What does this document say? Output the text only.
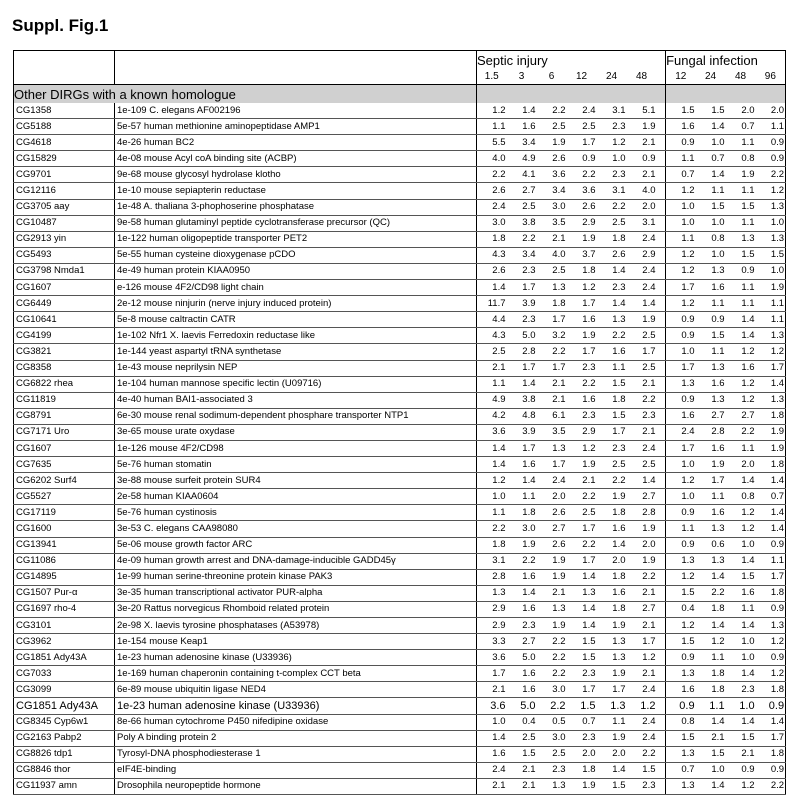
Suppl. Fig.1
		Septic injury							Fungal infection			
		1.5	3	6	12	24	48		12	24	48	96
Other DIRGs with a known homologue												
CG1358	1e-109 C. elegans AF002196	1.2	1.4	2.2	2.4	3.1	5.1		1.5	1.5	2.0	2.0
CG5188	5e-57 human methionine aminopeptidase AMP1	1.1	1.6	2.5	2.5	2.3	1.9		1.6	1.4	0.7	1.1
CG4618	4e-26 human BC2	5.5	3.4	1.9	1.7	1.2	2.1		0.9	1.0	1.1	0.9
CG15829	4e-08 mouse Acyl coA binding site (ACBP)	4.0	4.9	2.6	0.9	1.0	0.9		1.1	0.7	0.8	0.9
CG9701	9e-68 mouse glycosyl hydrolase klotho	2.2	4.1	3.6	2.2	2.3	2.1		0.7	1.4	1.9	2.2
CG12116	1e-10 mouse sepiapterin reductase	2.6	2.7	3.4	3.6	3.1	4.0		1.2	1.1	1.1	1.2
CG3705 aay	1e-48 A. thaliana 3-phophoserine phosphatase	2.4	2.5	3.0	2.6	2.2	2.0		1.0	1.5	1.5	1.3
CG10487	9e-58 human glutaminyl peptide cyclotransferase precursor (QC)	3.0	3.8	3.5	2.9	2.5	3.1		1.0	1.0	1.1	1.0
CG2913 yin	1e-122 human oligopeptide transporter PET2	1.8	2.2	2.1	1.9	1.8	2.4		1.1	0.8	1.3	1.3
CG5493	5e-55 human cysteine dioxygenase pCDO	4.3	3.4	4.0	3.7	2.6	2.9		1.2	1.0	1.5	1.5
CG3798 Nmda1	4e-49 human protein KIAA0950	2.6	2.3	2.5	1.8	1.4	2.4		1.2	1.3	0.9	1.0
CG1607	e-126 mouse 4F2/CD98 light chain	1.4	1.7	1.3	1.2	2.3	2.4		1.7	1.6	1.1	1.9
CG6449	2e-12 mouse ninjurin (nerve injury induced protein)	11.7	3.9	1.8	1.7	1.4	1.4		1.2	1.1	1.1	1.1
CG10641	5e-8 mouse caltractin CATR	4.4	2.3	1.7	1.6	1.3	1.9		0.9	0.9	1.4	1.1
CG4199	1e-102 Nfr1 X. laevis Ferredoxin reductase like	4.3	5.0	3.2	1.9	2.2	2.5		0.9	1.5	1.4	1.3
CG3821	1e-144 yeast aspartyl tRNA synthetase	2.5	2.8	2.2	1.7	1.6	1.7		1.0	1.1	1.2	1.2
CG8358	1e-43 mouse neprilysin NEP	2.1	1.7	1.7	2.3	1.1	2.5		1.7	1.3	1.6	1.7
CG6822 rhea	1e-104 human mannose specific lectin (U09716)	1.1	1.4	2.1	2.2	1.5	2.1		1.3	1.6	1.2	1.4
CG11819	4e-40 human BAI1-associated 3	4.9	3.8	2.1	1.6	1.8	2.2		0.9	1.3	1.2	1.3
CG8791	6e-30 mouse renal sodimum-dependent phosphare transporter NTP1	4.2	4.8	6.1	2.3	1.5	2.3		1.6	2.7	2.7	1.8
CG7171 Uro	3e-65 mouse urate oxydase	3.6	3.9	3.5	2.9	1.7	2.1		2.4	2.8	2.2	1.9
CG1607	1e-126 mouse 4F2/CD98	1.4	1.7	1.3	1.2	2.3	2.4		1.7	1.6	1.1	1.9
CG7635	5e-76 human stomatin	1.4	1.6	1.7	1.9	2.5	2.5		1.0	1.9	2.0	1.8
CG6202 Surf4	3e-88 mouse surfeit protein SUR4	1.2	1.4	2.4	2.1	2.2	1.4		1.2	1.7	1.4	1.4
CG5527	2e-58 human KIAA0604	1.0	1.1	2.0	2.2	1.9	2.7		1.0	1.1	0.8	0.7
CG17119	5e-76 human cystinosis	1.1	1.8	2.6	2.5	1.8	2.8		0.9	1.6	1.2	1.4
CG1600	3e-53 C. elegans CAA98080	2.2	3.0	2.7	1.7	1.6	1.9		1.1	1.3	1.2	1.4
CG13941	5e-06 mouse growth factor ARC	1.8	1.9	2.6	2.2	1.4	2.0		0.9	0.6	1.0	0.9
CG11086	4e-09 human growth arrest and DNA-damage-inducible GADD45γ	3.1	2.2	1.9	1.7	2.0	1.9		1.3	1.3	1.4	1.1
CG14895	1e-99 human serine-threonine protein kinase PAK3	2.8	1.6	1.9	1.4	1.8	2.2		1.2	1.4	1.5	1.7
CG1507 Pur-α	3e-35 human transcriptional activator PUR-alpha	1.3	1.4	2.1	1.3	1.6	2.1		1.5	2.2	1.6	1.8
CG1697 rho-4	3e-20 Rattus norvegicus Rhomboid related protein	2.9	1.6	1.3	1.4	1.8	2.7		0.4	1.8	1.1	0.9
CG3101	2e-98 X. laevis tyrosine phosphatases (A53978)	2.9	2.3	1.9	1.4	1.9	2.1		1.2	1.4	1.4	1.3
CG3962	1e-154 mouse Keap1	3.3	2.7	2.2	1.5	1.3	1.7		1.5	1.2	1.0	1.2
CG1851 Ady43A	1e-23 human adenosine kinase (U33936)	3.6	5.0	2.2	1.5	1.3	1.2		0.9	1.1	1.0	0.9
CG7033	1e-169 human chaperonin containing t-complex CCT beta	1.7	1.6	2.2	2.3	1.9	2.1		1.3	1.8	1.4	1.2
CG3099	6e-89 mouse ubiquitin ligase NED4	2.1	1.6	3.0	1.7	1.7	2.4		1.6	1.8	2.3	1.8
CG1851 Ady43A	1e-23 human adenosine kinase (U33936)	3.6	5.0	2.2	1.5	1.3	1.2		0.9	1.1	1.0	0.9
CG8345 Cyp6w1	8e-66 human cytochrome P450 nifedipine oxidase	1.0	0.4	0.5	0.7	1.1	2.4		0.8	1.4	1.4	1.4
CG2163 Pabp2	Poly A binding protein 2	1.4	2.5	3.0	2.3	1.9	2.4		1.5	2.1	1.5	1.7
CG8826 tdp1	Tyrosyl-DNA phosphodiesterase 1	1.6	1.5	2.5	2.0	2.0	2.2		1.3	1.5	2.1	1.8
CG8846 thor	eIF4E-binding	2.4	2.1	2.3	1.8	1.4	1.5		0.7	1.0	0.9	0.9
CG11937 amn	Drosophila neuropeptide hormone	2.1	2.1	1.3	1.9	1.5	2.3		1.3	1.4	1.2	2.2
